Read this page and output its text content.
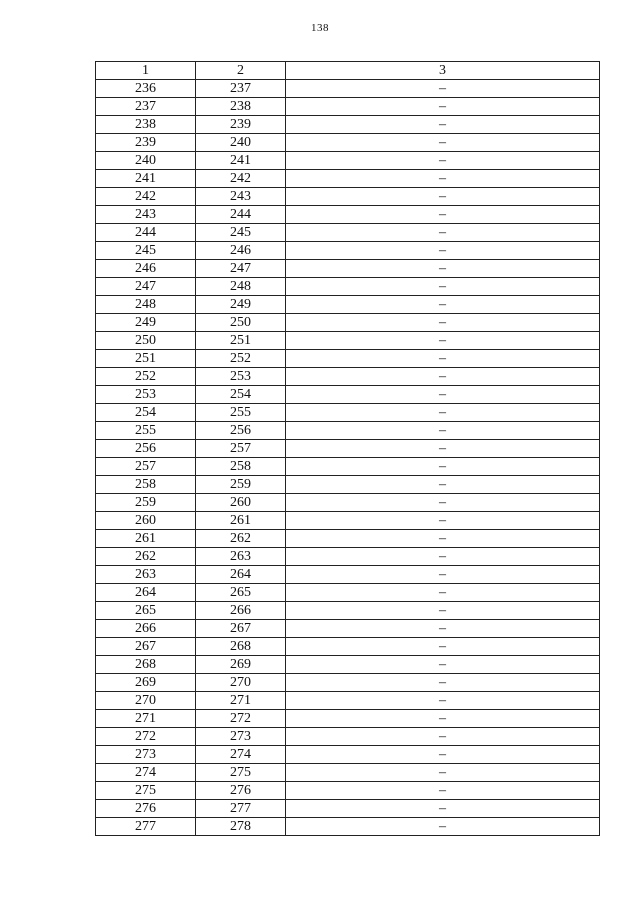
138
1	2	3
236	237	–
237	238	–
238	239	–
239	240	–
240	241	–
241	242	–
242	243	–
243	244	–
244	245	–
245	246	–
246	247	–
247	248	–
248	249	–
249	250	–
250	251	–
251	252	–
252	253	–
253	254	–
254	255	–
255	256	–
256	257	–
257	258	–
258	259	–
259	260	–
260	261	–
261	262	–
262	263	–
263	264	–
264	265	–
265	266	–
266	267	–
267	268	–
268	269	–
269	270	–
270	271	–
271	272	–
272	273	–
273	274	–
274	275	–
275	276	–
276	277	–
277	278	–
